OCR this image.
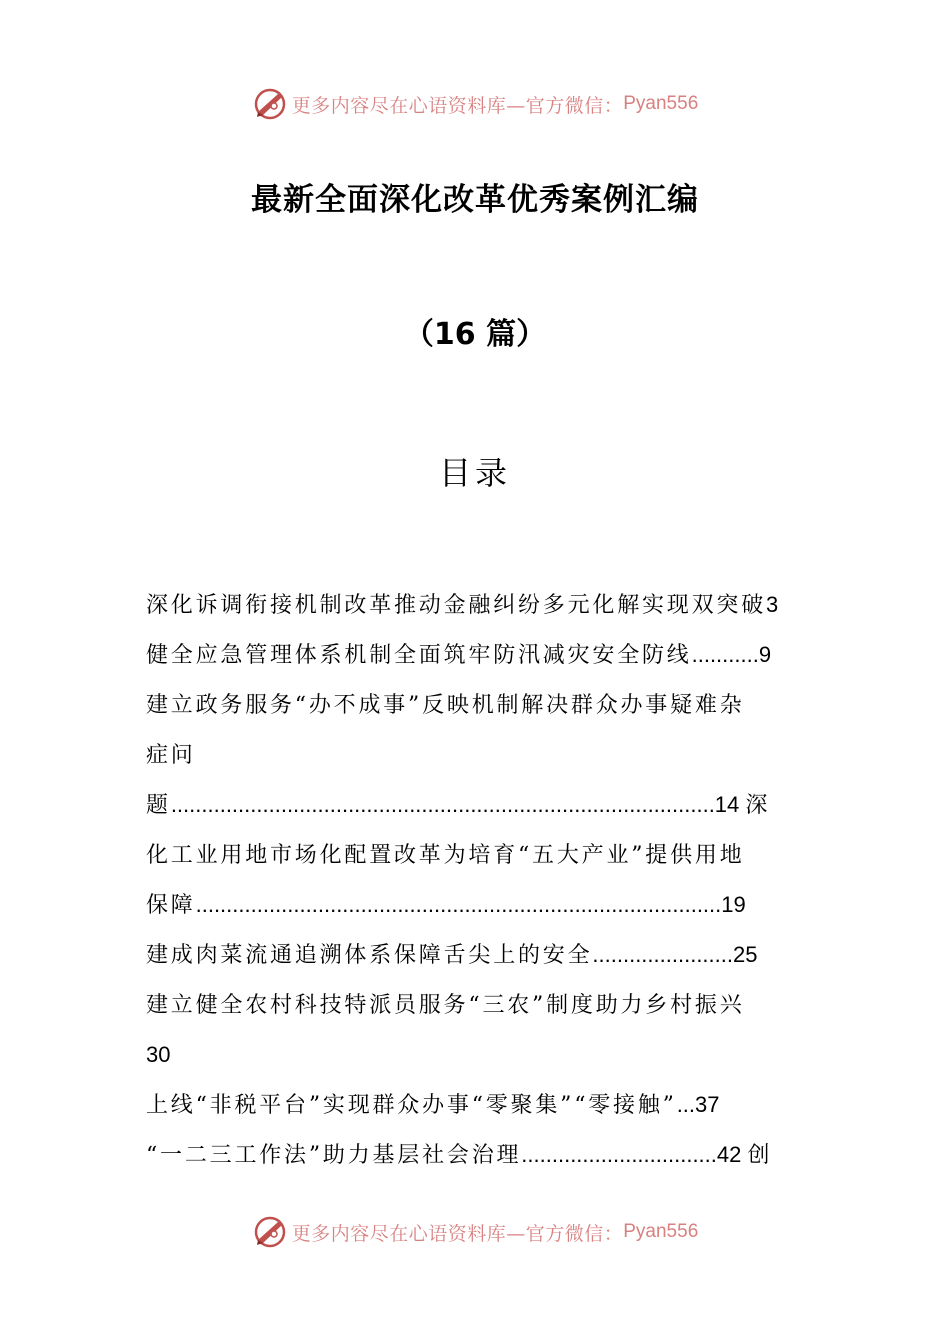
更多内容尽在心语资料库—官方微信： Pyan556
最新全面深化改革优秀案例汇编
（16 篇）
目录
深化诉调衔接机制改革推动金融纠纷多元化解实现双突破3
健全应急管理体系机制全面筑牢防汛减灾安全防线...........9
建立政务服务“办不成事”反映机制解决群众办事疑难杂
症问
题.........................................................................................14 深
化工业用地市场化配置改革为培育“五大产业”提供用地
保障......................................................................................19
建成肉菜流通追溯体系保障舌尖上的安全.......................25
建立健全农村科技特派员服务“三农”制度助力乡村振兴
30
上线“非税平台”实现群众办事“零聚集”“零接触”...37
“一二三工作法”助力基层社会治理................................42 创
更多内容尽在心语资料库—官方微信： Pyan556
